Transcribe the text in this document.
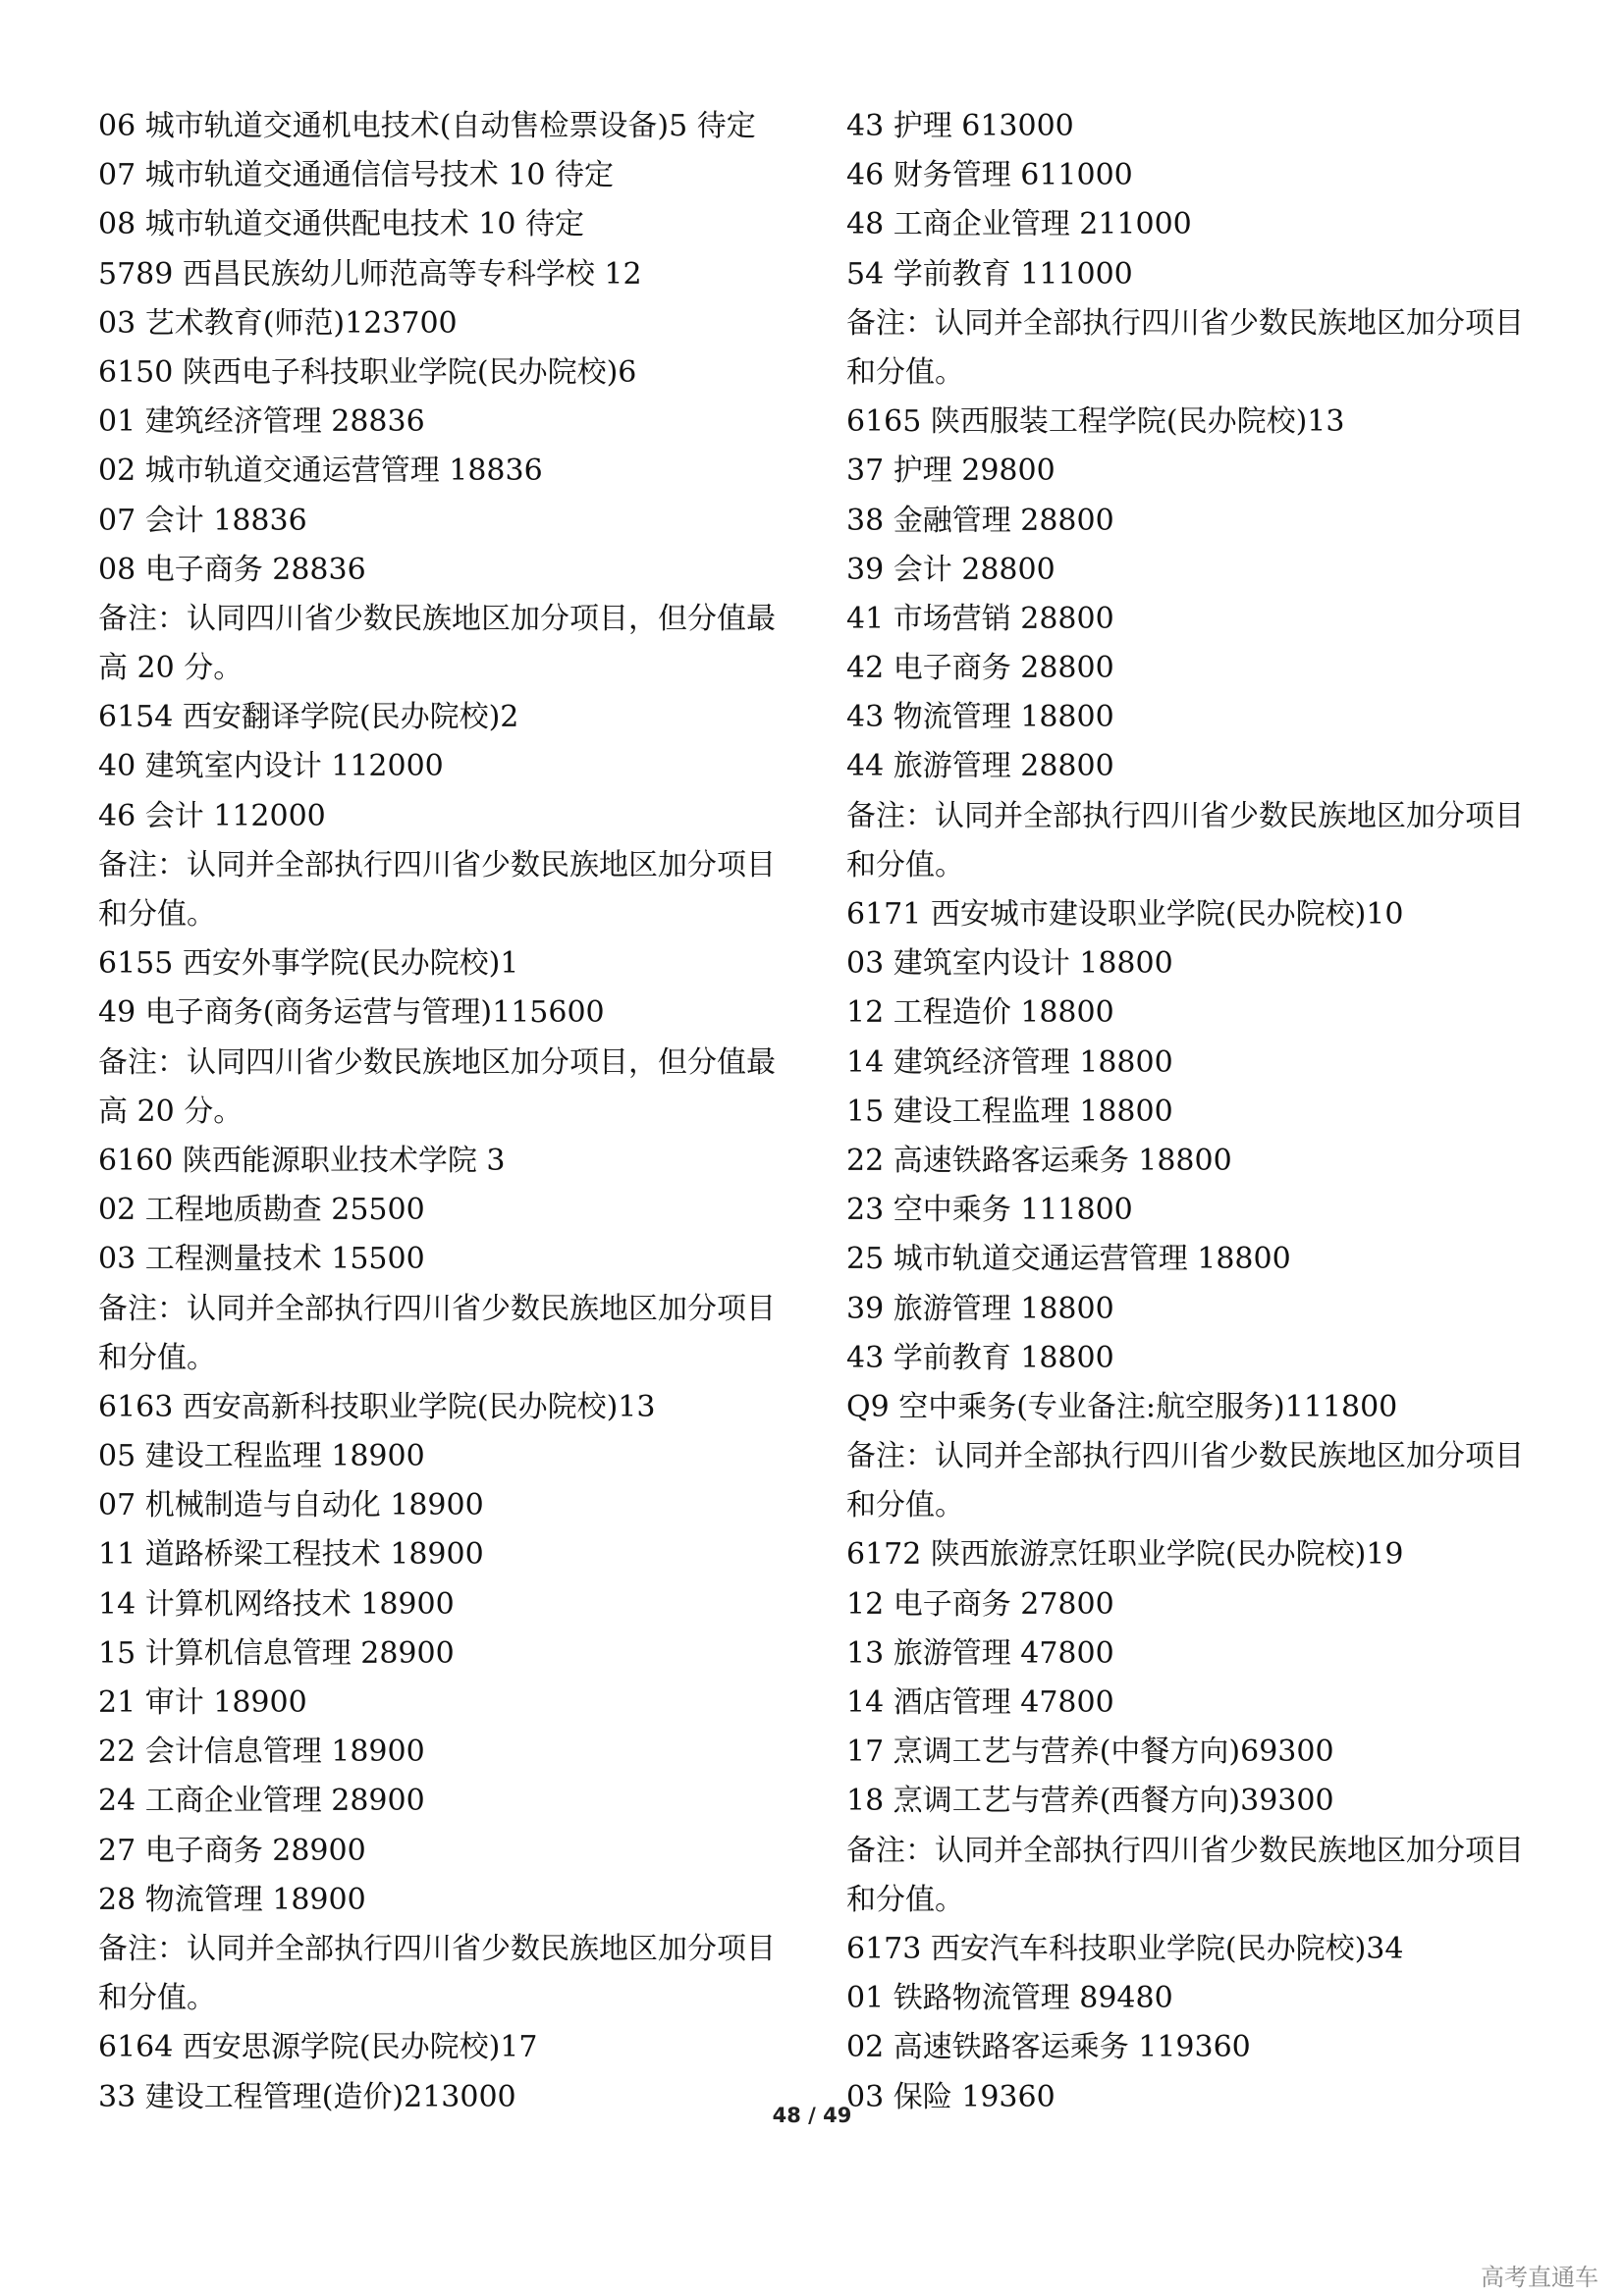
06 城市轨道交通机电技术(自动售检票设备)5 待定
07 城市轨道交通通信信号技术 10 待定
08 城市轨道交通供配电技术 10 待定
5789 西昌民族幼儿师范高等专科学校 12
03 艺术教育(师范)123700
6150 陕西电子科技职业学院(民办院校)6
01 建筑经济管理 28836
02 城市轨道交通运营管理 18836
07 会计 18836
08 电子商务 28836
备注：认同四川省少数民族地区加分项目，但分值最
高 20 分。
6154 西安翻译学院(民办院校)2
40 建筑室内设计 112000
46 会计 112000
备注：认同并全部执行四川省少数民族地区加分项目
和分值。
6155 西安外事学院(民办院校)1
49 电子商务(商务运营与管理)115600
备注：认同四川省少数民族地区加分项目，但分值最
高 20 分。
6160 陕西能源职业技术学院 3
02 工程地质勘查 25500
03 工程测量技术 15500
备注：认同并全部执行四川省少数民族地区加分项目
和分值。
6163 西安高新科技职业学院(民办院校)13
05 建设工程监理 18900
07 机械制造与自动化 18900
11 道路桥梁工程技术 18900
14 计算机网络技术 18900
15 计算机信息管理 28900
21 审计 18900
22 会计信息管理 18900
24 工商企业管理 28900
27 电子商务 28900
28 物流管理 18900
备注：认同并全部执行四川省少数民族地区加分项目
和分值。
6164 西安思源学院(民办院校)17
33 建设工程管理(造价)213000
43 护理 613000
46 财务管理 611000
48 工商企业管理 211000
54 学前教育 111000
备注：认同并全部执行四川省少数民族地区加分项目
和分值。
6165 陕西服装工程学院(民办院校)13
37 护理 29800
38 金融管理 28800
39 会计 28800
41 市场营销 28800
42 电子商务 28800
43 物流管理 18800
44 旅游管理 28800
备注：认同并全部执行四川省少数民族地区加分项目
和分值。
6171 西安城市建设职业学院(民办院校)10
03 建筑室内设计 18800
12 工程造价 18800
14 建筑经济管理 18800
15 建设工程监理 18800
22 高速铁路客运乘务 18800
23 空中乘务 111800
25 城市轨道交通运营管理 18800
39 旅游管理 18800
43 学前教育 18800
Q9 空中乘务(专业备注:航空服务)111800
备注：认同并全部执行四川省少数民族地区加分项目
和分值。
6172 陕西旅游烹饪职业学院(民办院校)19
12 电子商务 27800
13 旅游管理 47800
14 酒店管理 47800
17 烹调工艺与营养(中餐方向)69300
18 烹调工艺与营养(西餐方向)39300
备注：认同并全部执行四川省少数民族地区加分项目
和分值。
6173 西安汽车科技职业学院(民办院校)34
01 铁路物流管理 89480
02 高速铁路客运乘务 119360
03 保险 19360
48 / 49
高考直通车
